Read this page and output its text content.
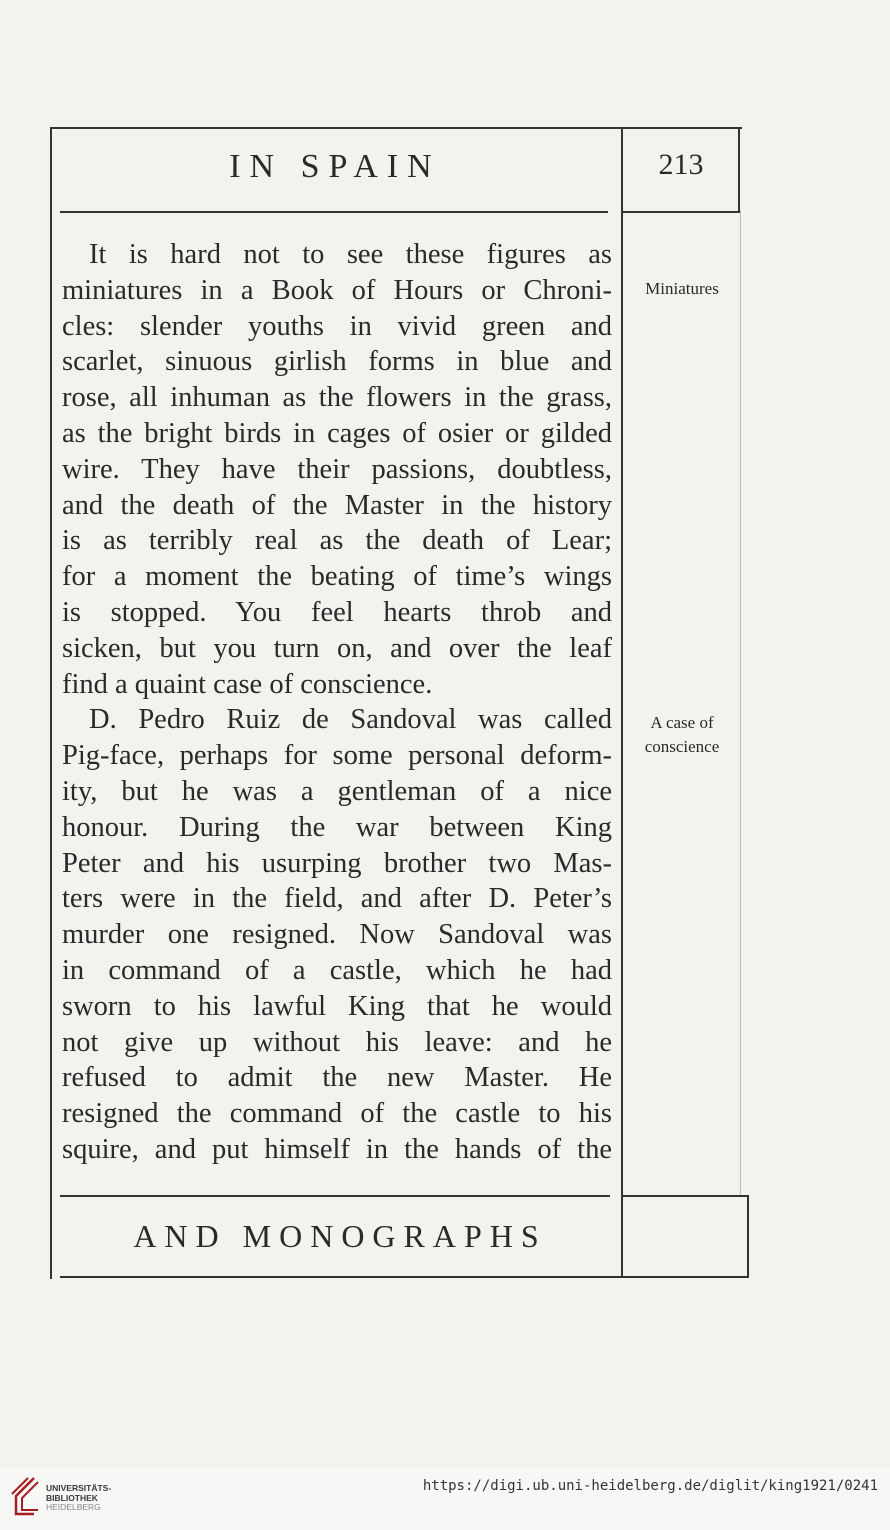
IN SPAIN	213
It is hard not to see these figures as
miniatures in a Book of Hours or Chroni-
cles: slender youths in vivid green and
scarlet, sinuous girlish forms in blue and
rose, all inhuman as the flowers in the grass,
as the bright birds in cages of osier or gilded
wire. They have their passions, doubtless,
and the death of the Master in the history
is as terribly real as the death of Lear;
for a moment the beating of time’s wings
is stopped. You feel hearts throb and
sicken, but you turn on, and over the leaf
find a quaint case of conscience.
D. Pedro Ruiz de Sandoval was called
Pig-face, perhaps for some personal deform-
ity, but he was a gentleman of a nice
honour. During the war between King
Peter and his usurping brother two Mas-
ters were in the field, and after D. Peter’s
murder one resigned. Now Sandoval was
in command of a castle, which he had
sworn to his lawful King that he would
not give up without his leave: and he
refused to admit the new Master. He
resigned the command of the castle to his
squire, and put himself in the hands of the
Miniatures
A case of
conscience
AND MONOGRAPHS
UNIVERSITÄTS-
BIBLIOTHEK
HEIDELBERG
https://digi.ub.uni-heidelberg.de/diglit/king1921/0241
